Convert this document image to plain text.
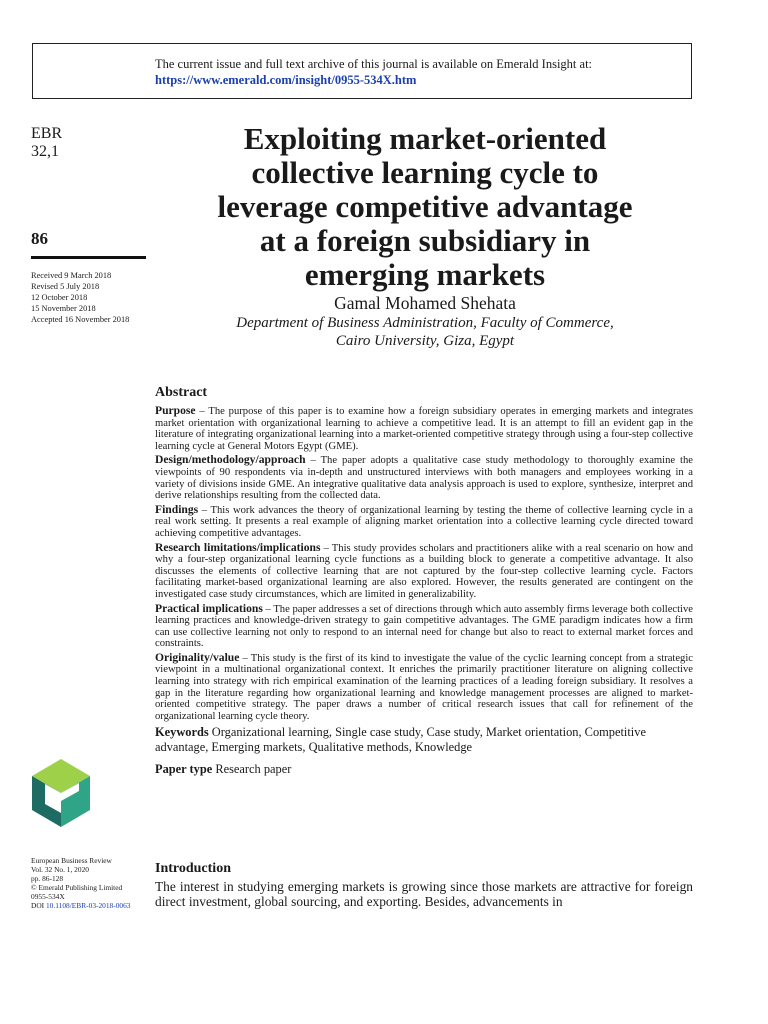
The current issue and full text archive of this journal is available on Emerald Insight at:
https://www.emerald.com/insight/0955-534X.htm
EBR
32,1
86
Received 9 March 2018
Revised 5 July 2018
12 October 2018
15 November 2018
Accepted 16 November 2018
Exploiting market-oriented
collective learning cycle to
leverage competitive advantage
at a foreign subsidiary in
emerging markets
Gamal Mohamed Shehata
Department of Business Administration, Faculty of Commerce,
Cairo University, Giza, Egypt
Abstract

Purpose – The purpose of this paper is to examine how a foreign subsidiary operates in emerging markets and integrates market orientation with organizational learning to achieve a competitive lead. It is an attempt to fill an evident gap in the literature of integrating organizational learning into a market-oriented competitive strategy through using a four-step collective learning cycle at General Motors Egypt (GME).

Design/methodology/approach – The paper adopts a qualitative case study methodology to thoroughly examine the viewpoints of 90 respondents via in-depth and unstructured interviews with both managers and employees working in a variety of divisions inside GME. An integrative qualitative data analysis approach is used to explore, synthesize, interpret and derive relationships resulting from the collected data.

Findings – This work advances the theory of organizational learning by testing the theme of collective learning cycle in a real work setting. It presents a real example of aligning market orientation into a collective learning cycle directed toward achieving competitive advantages.

Research limitations/implications – This study provides scholars and practitioners alike with a real scenario on how and why a four-step organizational learning cycle functions as a building block to generate a competitive advantage. It also discusses the elements of collective learning that are not captured by the four-step collective learning cycle. Factors facilitating market-based organizational learning are also explored. However, the results generated are contingent on the investigated case study circumstances, which are limited in generalizability.

Practical implications – The paper addresses a set of directions through which auto assembly firms leverage both collective learning practices and knowledge-driven strategy to gain competitive advantages. The GME paradigm indicates how a firm can use collective learning not only to respond to an internal need for change but also to react to external market forces and constraints.

Originality/value – This study is the first of its kind to investigate the value of the cyclic learning concept from a strategic viewpoint in a multinational organizational context. It enriches the primarily practitioner literature on aligning collective learning into strategy with rich empirical examination of the learning practices of a leading foreign subsidiary. It resolves a gap in the literature regarding how organizational learning and knowledge management processes are aligned to market-oriented competitive strategy. The paper draws a number of critical research issues that call for refinement of the organizational learning cycle theory.

Keywords Organizational learning, Single case study, Case study, Market orientation, Competitive advantage, Emerging markets, Qualitative methods, Knowledge
Paper type Research paper
European Business Review
Vol. 32 No. 1, 2020
pp. 86-128
© Emerald Publishing Limited
0955-534X
DOI 10.1108/EBR-03-2018-0063
Introduction
The interest in studying emerging markets is growing since those markets are attractive for foreign direct investment, global sourcing, and exporting. Besides, advancements in
